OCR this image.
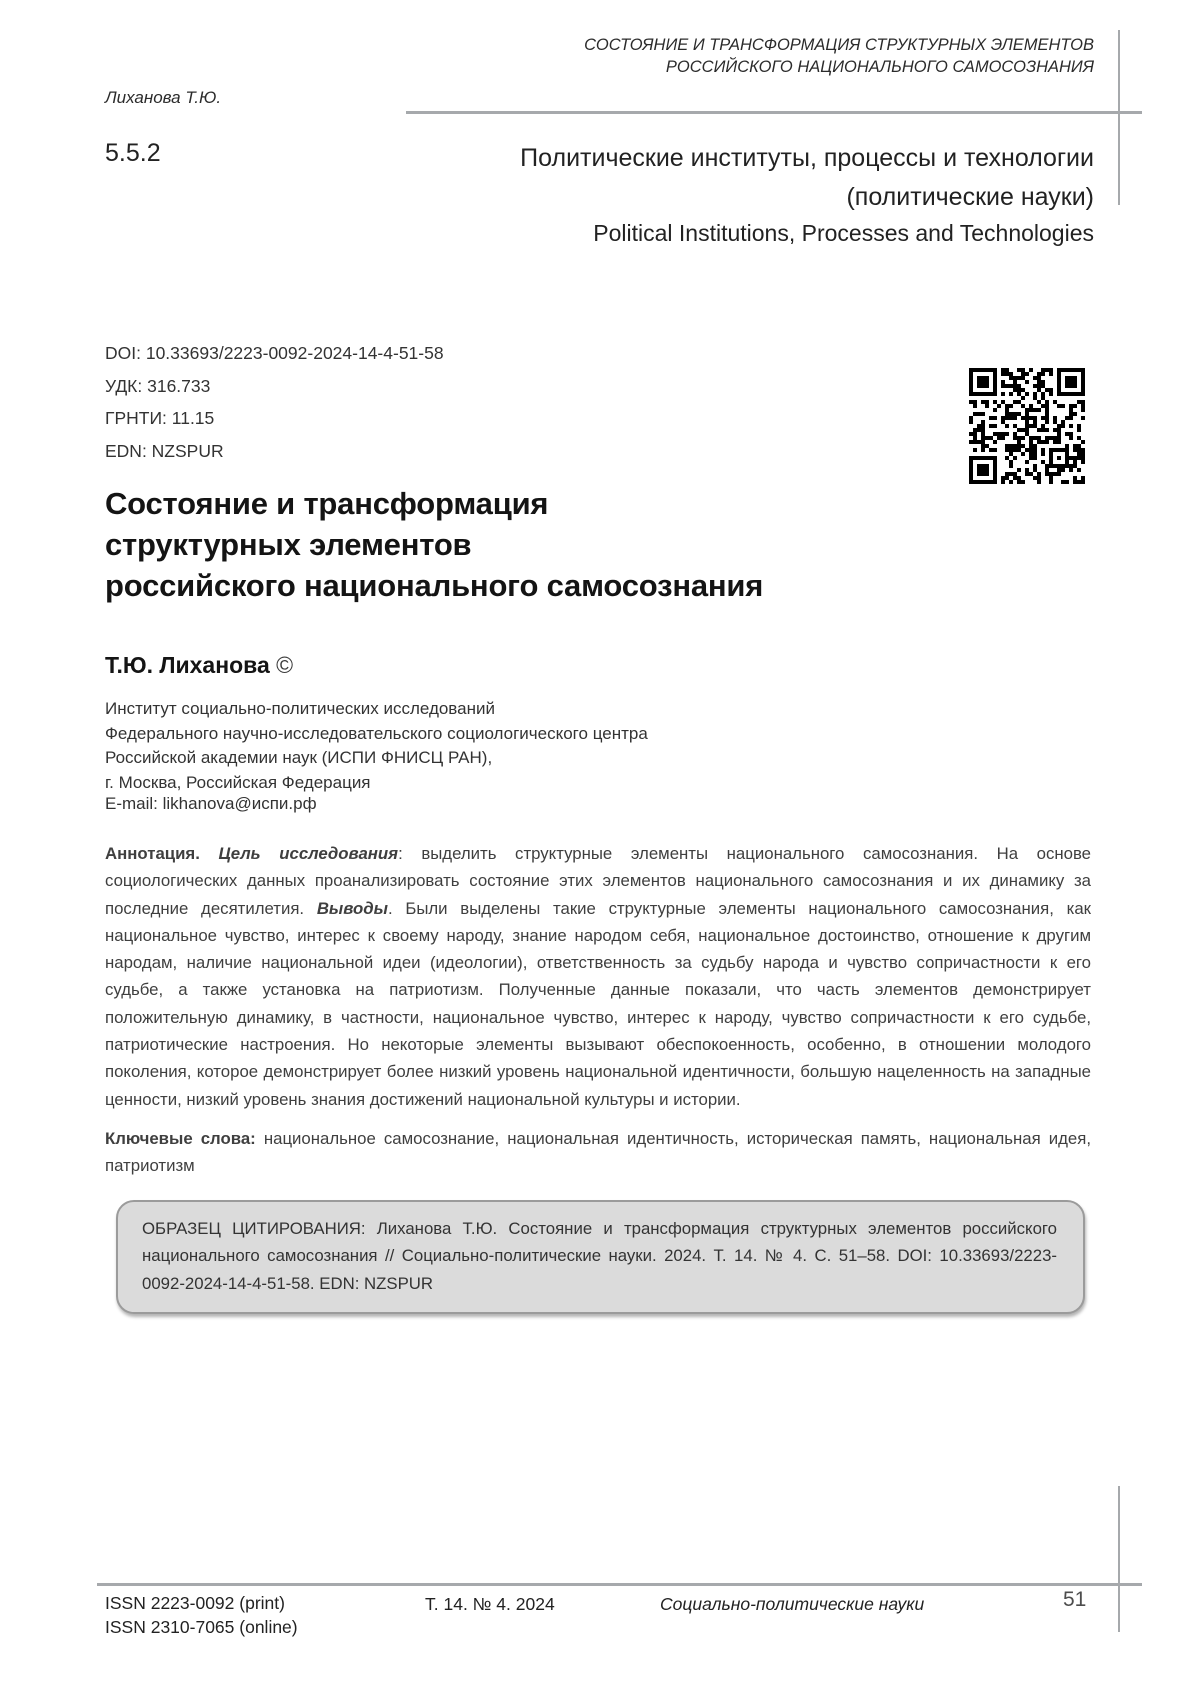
Лиханова Т.Ю.
СОСТОЯНИЕ И ТРАНСФОРМАЦИЯ СТРУКТУРНЫХ ЭЛЕМЕНТОВ
РОССИЙСКОГО НАЦИОНАЛЬНОГО САМОСОЗНАНИЯ
5.5.2	Политические институты, процессы и технологии
(политические науки)
Political Institutions, Processes and Technologies
DOI: 10.33693/2223-0092-2024-14-4-51-58
УДК: 316.733
ГРНТИ: 11.15
EDN: NZSPUR
Состояние и трансформация
структурных элементов
российского национального самосознания
Т.Ю. Лиханова ©
Институт социально-политических исследований
Федерального научно-исследовательского социологического центра
Российской академии наук (ИСПИ ФНИСЦ РАН),
г. Москва, Российская Федерация
E-mail: likhanova@испи.рф
Аннотация. Цель исследования: выделить структурные элементы национального самосознания. На основе социологических данных проанализировать состояние этих элементов национального самосознания и их динамику за последние десятилетия. Выводы. Были выделены такие структурные элементы национального самосознания, как национальное чувство, интерес к своему народу, знание народом себя, национальное достоинство, отношение к другим народам, наличие национальной идеи (идеологии), ответственность за судьбу народа и чувство сопричастности к его судьбе, а также установка на патриотизм. Полученные данные показали, что часть элементов демонстрирует положительную динамику, в частности, национальное чувство, интерес к народу, чувство сопричастности к его судьбе, патриотические настроения. Но некоторые элементы вызывают обеспокоенность, особенно, в отношении молодого поколения, которое демонстрирует более низкий уровень национальной идентичности, большую нацеленность на западные ценности, низкий уровень знания достижений национальной культуры и истории.
Ключевые слова: национальное самосознание, национальная идентичность, историческая память, национальная идея, патриотизм
ОБРАЗЕЦ ЦИТИРОВАНИЯ: Лиханова Т.Ю. Состояние и трансформация структурных элементов российского национального самосознания // Социально-политические науки. 2024. Т. 14. № 4. С. 51–58. DOI: 10.33693/2223-0092-2024-14-4-51-58. EDN: NZSPUR
ISSN 2223-0092 (print)
ISSN 2310-7065 (online)
Т. 14. № 4. 2024	Социально-политические науки	51
